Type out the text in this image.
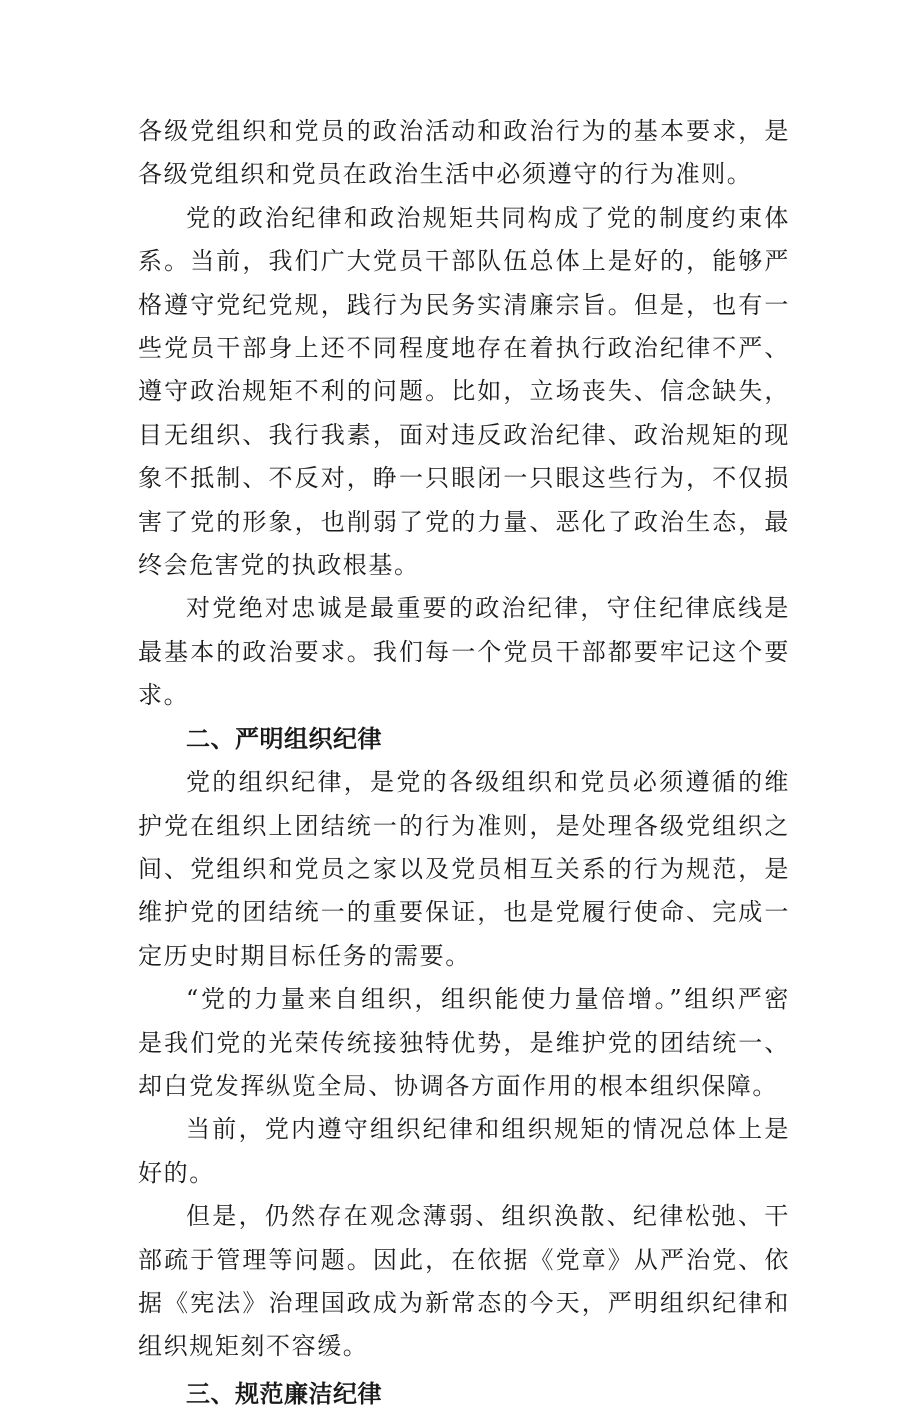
各级党组织和党员的政治活动和政治行为的基本要求，是各级党组织和党员在政治生活中必须遵守的行为准则。

党的政治纪律和政治规矩共同构成了党的制度约束体系。当前，我们广大党员干部队伍总体上是好的，能够严格遵守党纪党规，践行为民务实清廉宗旨。但是，也有一些党员干部身上还不同程度地存在着执行政治纪律不严、遵守政治规矩不利的问题。比如，立场丧失、信念缺失，目无组织、我行我素，面对违反政治纪律、政治规矩的现象不抵制、不反对，睁一只眼闭一只眼这些行为，不仅损害了党的形象，也削弱了党的力量、恶化了政治生态，最终会危害党的执政根基。

对党绝对忠诚是最重要的政治纪律，守住纪律底线是最基本的政治要求。我们每一个党员干部都要牢记这个要求。

二、严明组织纪律

党的组织纪律，是党的各级组织和党员必须遵循的维护党在组织上团结统一的行为准则，是处理各级党组织之间、党组织和党员之家以及党员相互关系的行为规范，是维护党的团结统一的重要保证，也是党履行使命、完成一定历史时期目标任务的需要。

“党的力量来自组织，组织能使力量倍增。”组织严密是我们党的光荣传统接独特优势，是维护党的团结统一、却白党发挥纵览全局、协调各方面作用的根本组织保障。

当前，党内遵守组织纪律和组织规矩的情况总体上是好的。

但是，仍然存在观念薄弱、组织涣散、纪律松弛、干部疏于管理等问题。因此，在依据《党章》从严治党、依据《宪法》治理国政成为新常态的今天，严明组织纪律和组织规矩刻不容缓。

三、规范廉洁纪律
